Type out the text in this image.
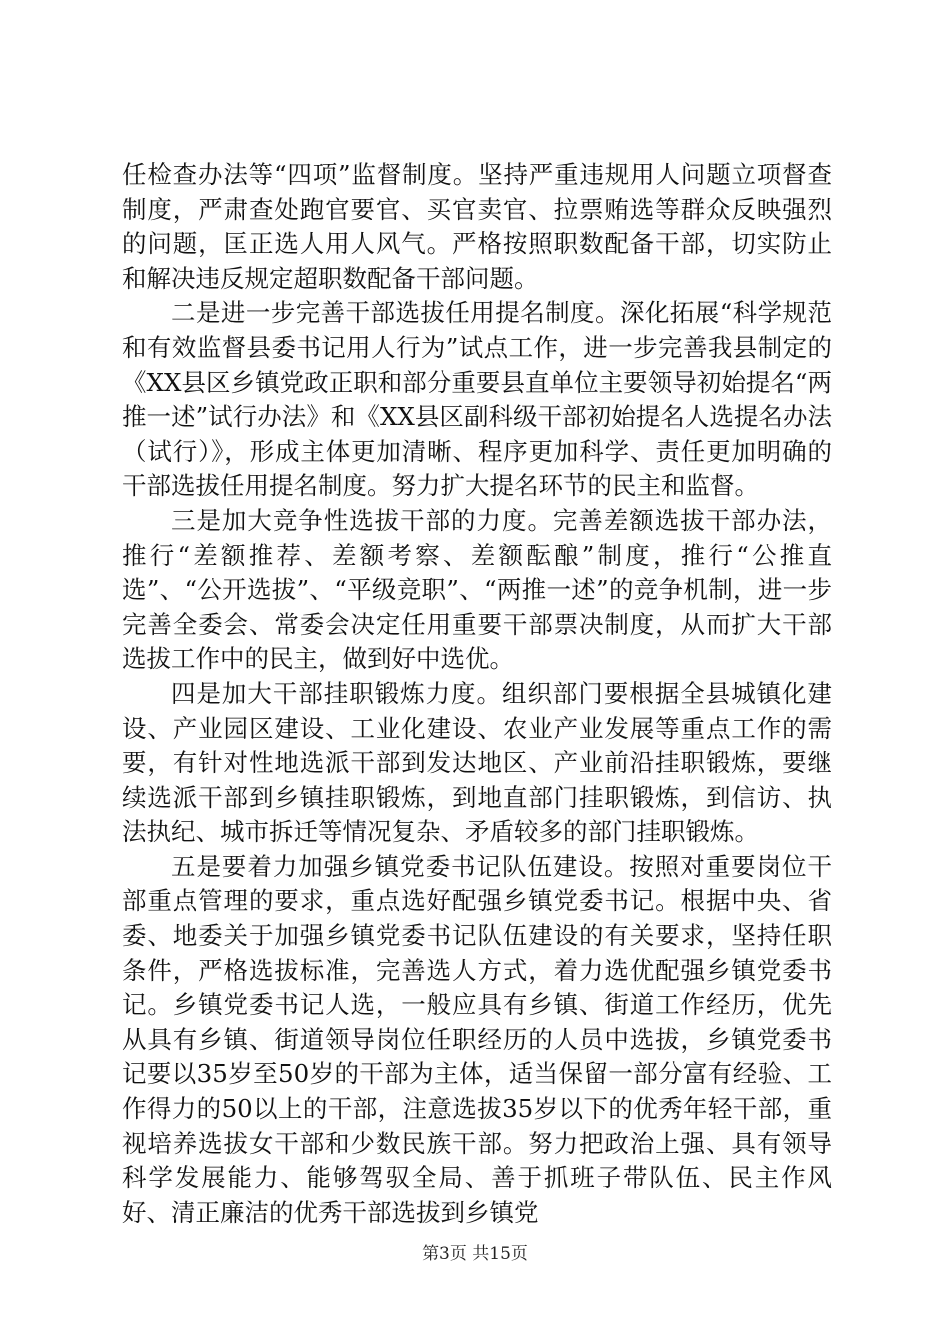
任检查办法等“四项”监督制度。坚持严重违规用人问题立项督查制度，严肃查处跑官要官、买官卖官、拉票贿选等群众反映强烈的问题，匡正选人用人风气。严格按照职数配备干部，切实防止和解决违反规定超职数配备干部问题。

二是进一步完善干部选拔任用提名制度。深化拓展“科学规范和有效监督县委书记用人行为”试点工作，进一步完善我县制定的《XX县区乡镇党政正职和部分重要县直单位主要领导初始提名“两推一述”试行办法》和《XX县区副科级干部初始提名人选提名办法（试行）》，形成主体更加清晰、程序更加科学、责任更加明确的干部选拔任用提名制度。努力扩大提名环节的民主和监督。

三是加大竞争性选拔干部的力度。完善差额选拔干部办法，推行“差额推荐、差额考察、差额酝酿”制度，推行“公推直选”、“公开选拔”、“平级竞职”、“两推一述”的竞争机制，进一步完善全委会、常委会决定任用重要干部票决制度，从而扩大干部选拔工作中的民主，做到好中选优。

四是加大干部挂职锻炼力度。组织部门要根据全县城镇化建设、产业园区建设、工业化建设、农业产业发展等重点工作的需要，有针对性地选派干部到发达地区、产业前沿挂职锻炼，要继续选派干部到乡镇挂职锻炼，到地直部门挂职锻炼，到信访、执法执纪、城市拆迁等情况复杂、矛盾较多的部门挂职锻炼。

五是要着力加强乡镇党委书记队伍建设。按照对重要岗位干部重点管理的要求，重点选好配强乡镇党委书记。根据中央、省委、地委关于加强乡镇党委书记队伍建设的有关要求，坚持任职条件，严格选拔标准，完善选人方式，着力选优配强乡镇党委书记。乡镇党委书记人选，一般应具有乡镇、街道工作经历，优先从具有乡镇、街道领导岗位任职经历的人员中选拔，乡镇党委书记要以35岁至50岁的干部为主体，适当保留一部分富有经验、工作得力的50以上的干部，注意选拔35岁以下的优秀年轻干部，重视培养选拔女干部和少数民族干部。努力把政治上强、具有领导科学发展能力、能够驾驭全局、善于抓班子带队伍、民主作风好、清正廉洁的优秀干部选拔到乡镇党

第3页 共15页
